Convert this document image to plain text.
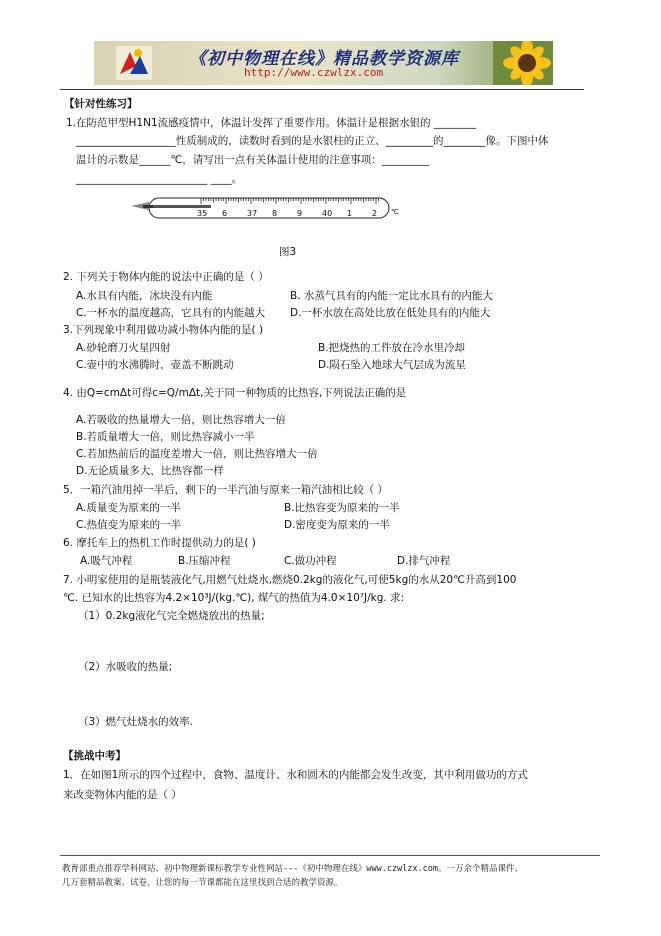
《初中物理在线》精品教学资源库
http://www.czwlzx.com
【针对性练习】
1.在防范甲型H1N1流感疫情中，体温计发挥了重要作用。体温计是根据水银的 ________
___________________性质制成的，读数时看到的是水银柱的正立、_________的________像。下图中体
温计的示数是______℃，请写出一点有关体温计使用的注意事项：_________
_________________________ ____。
2. 下列关于物体内能的说法中正确的是（ ）
A.水具有内能，冰块没有内能	B. 水蒸气具有的内能一定比水具有的内能大
C.一杯水的温度越高，它具有的内能越大 D.一杯水放在高处比放在低处具有的内能大
3.下列现象中利用做功减小物体内能的是( )
A.砂轮磨刀火星四射	B.把烧热的工件放在冷水里冷却
C.壶中的水沸腾时，壶盖不断跳动	D.陨石坠入地球大气层成为流星
4. 由Q=cmΔt可得c=Q/mΔt,关于同一种物质的比热容,下列说法正确的是
A.若吸收的热量增大一倍，则比热容增大一倍
B.若质量增大一倍，则比热容减小一半
C.若加热前后的温度差增大一倍，则比热容增大一倍
D.无论质量多大，比热容都一样
5．一箱汽油用掉一半后，剩下的一半汽油与原来一箱汽油相比较（ ）
A.质量变为原来的一半	B.比热容变为原来的一半
C.热值变为原来的一半	D.密度变为原来的一半
6. 摩托车上的热机工作时提供动力的是( )
A.吸气冲程	B.压缩冲程	C.做功冲程	D.排气冲程
7. 小明家使用的是瓶装液化气,用燃气灶烧水,燃烧0.2kg的液化气,可使5kg的水从20℃升高到100
℃. 已知水的比热容为4.2×10³J/(kg.℃), 煤气的热值为4.0×10⁷J/kg. 求:
（1）0.2kg液化气完全燃烧放出的热量;
（2）水吸收的热量;
（3）燃气灶烧水的效率.
【挑战中考】
1．在如图1所示的四个过程中，食物、温度计、水和圆木的内能都会发生改变，其中利用做功的方式
来改变物体内能的是（ ）
35 6 37 8 9 40 1 2 ℃
图3
教育部重点推荐学科网站、初中物理新课标教学专业性网站---《初中物理在线》www.czwlzx.com。一万余个精品课件、
几万套精品教案、试卷，让您的每一节课都能在这里找到合适的教学资源。
